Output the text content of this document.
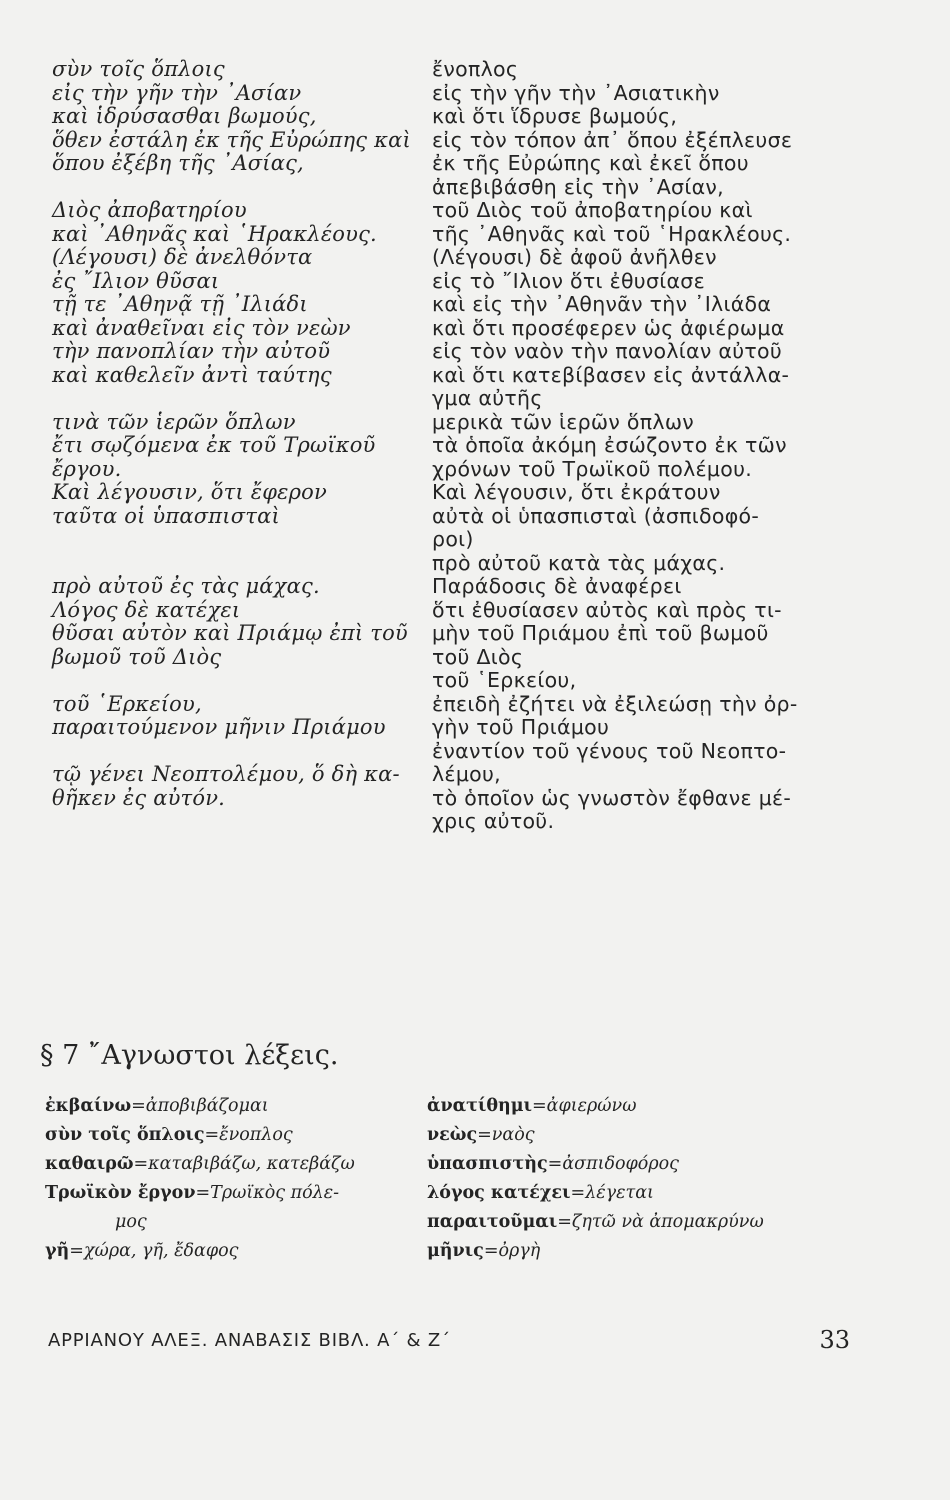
σὺν τοῖς ὅπλοις
εἰς τὴν γῆν τὴν ᾿Ασίαν
καὶ ἱδρύσασθαι βωμούς,
ὅθεν ἐστάλη ἐκ τῆς Εὐρώπης καὶ
ὅπου ἐξέβη τῆς ᾿Ασίας,
Διὸς ἀποβατηρίου
καὶ ᾿Αθηνᾶς καὶ ῾Ηρακλέους.
(Λέγουσι) δὲ ἀνελθόντα
ἐς ῎Ιλιον θῦσαι
τῇ τε ᾿Αθηνᾷ τῇ ᾿Ιλιάδι
καὶ ἀναθεῖναι εἰς τὸν νεὼν
τὴν πανοπλίαν τὴν αὐτοῦ
καὶ καθελεῖν ἀντὶ ταύτης
τινὰ τῶν ἱερῶν ὅπλων
ἔτι σῳζόμενα ἐκ τοῦ Τρωϊκοῦ
ἔργου.
Καὶ λέγουσιν, ὅτι ἔφερον
ταῦτα οἱ ὑπασπισταὶ
πρὸ αὐτοῦ ἐς τὰς μάχας.
Λόγος δὲ κατέχει
θῦσαι αὐτὸν καὶ Πριάμῳ ἐπὶ τοῦ
βωμοῦ τοῦ Διὸς
τοῦ ῾Ερκείου,
παραιτούμενον μῆνιν Πριάμου
τῷ γένει Νεοπτολέμου, ὅ δὴ κα-
θῆκεν ἐς αὐτόν.
ἔνοπλος
εἰς τὴν γῆν τὴν ᾿Ασιατικὴν
καὶ ὅτι ἵδρυσε βωμούς,
εἰς τὸν τόπον ἀπ᾿ ὅπου ἐξέπλευσε
ἐκ τῆς Εὐρώπης καὶ ἐκεῖ ὅπου
ἀπεβιβάσθη εἰς τὴν ᾿Ασίαν,
τοῦ Διὸς τοῦ ἀποβατηρίου καὶ
τῆς ᾿Αθηνᾶς καὶ τοῦ ῾Ηρακλέους.
(Λέγουσι) δὲ ἀφοῦ ἀνῆλθεν
εἰς τὸ ῎Ιλιον ὅτι ἐθυσίασε
καὶ εἰς τὴν ᾿Αθηνᾶν τὴν ᾿Ιλιάδα
καὶ ὅτι προσέφερεν ὡς ἀφιέρωμα
εἰς τὸν ναὸν τὴν πανολίαν αὐτοῦ
καὶ ὅτι κατεβίβασεν εἰς ἀντάλλα-
γμα αὐτῆς
μερικὰ τῶν ἱερῶν ὅπλων
τὰ ὁποῖα ἀκόμη ἐσώζοντο ἐκ τῶν
χρόνων τοῦ Τρωϊκοῦ πολέμου.
Καὶ λέγουσιν, ὅτι ἐκράτουν
αὐτὰ οἱ ὑπασπισταὶ (ἀσπιδοφό-
ροι)
πρὸ αὐτοῦ κατὰ τὰς μάχας.
Παράδοσις δὲ ἀναφέρει
ὅτι ἐθυσίασεν αὐτὸς καὶ πρὸς τι-
μὴν τοῦ Πριάμου ἐπὶ τοῦ βωμοῦ
τοῦ Διὸς
τοῦ ῾Ερκείου,
ἐπειδὴ ἐζήτει νὰ ἐξιλεώσῃ τὴν ὀρ-
γὴν τοῦ Πριάμου
ἐναντίον τοῦ γένους τοῦ Νεοπτο-
λέμου,
τὸ ὁποῖον ὡς γνωστὸν ἔφθανε μέ-
χρις αὐτοῦ.
§ 7 ῎Αγνωστοι λέξεις.
ἐκβαίνω=ἀποβιβάζομαι
σὺν τοῖς ὅπλοις=ἔνοπλος
καθαιρῶ=καταβιβάζω, κατεβάζω
Τρωϊκὸν ἔργον=Τρωϊκὸς πόλε-
μος
γῆ=χώρα, γῆ, ἔδαφος
ἀνατίθημι=ἀφιερώνω
νεὼς=ναὸς
ὑπασπιστὴς=ἀσπιδοφόρος
λόγος κατέχει=λέγεται
παραιτοῦμαι=ζητῶ νὰ ἀπομακρύνω
μῆνις=ὀργὴ
ΑΡΡΙΑΝΟΥ ΑΛΕΞ. ΑΝΑΒΑΣΙΣ ΒΙΒΛ. Α΄ & Ζ΄	33
